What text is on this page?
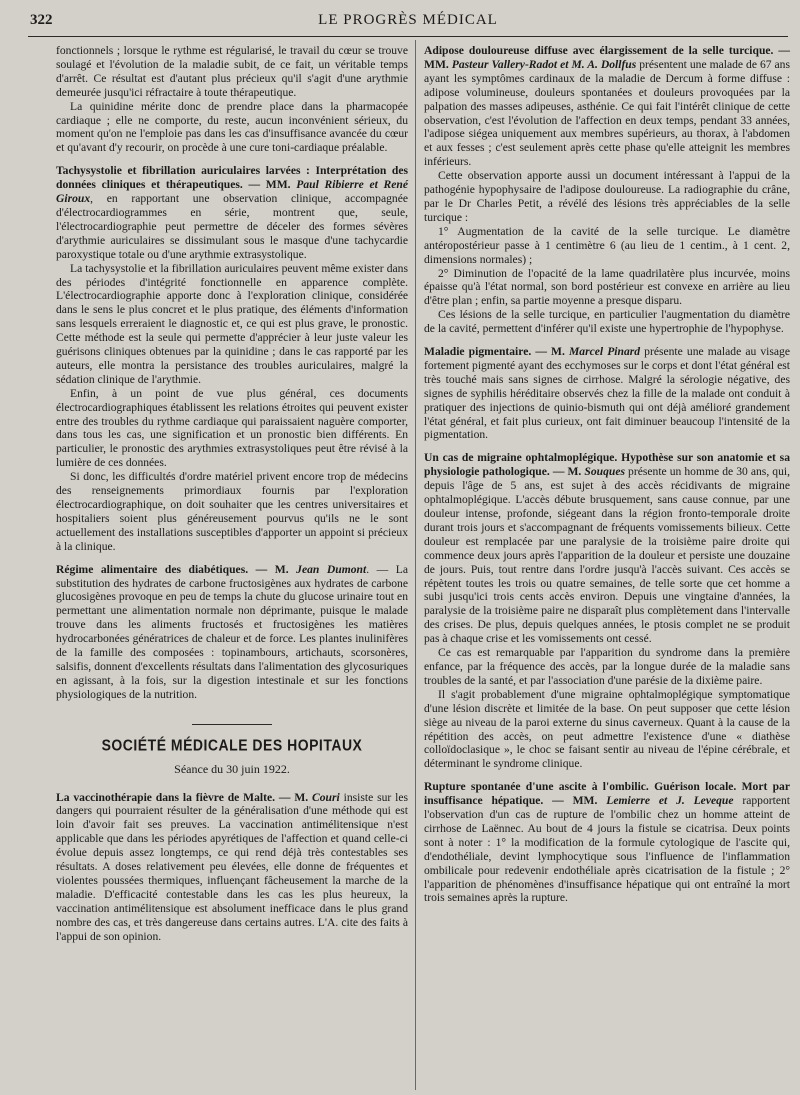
322	LE PROGRÈS MÉDICAL

fonctionnels ; lorsque le rythme est régularisé, le travail du cœur se trouve soulagé et l'évolution de la maladie subit, de ce fait, un véritable temps d'arrêt. Ce résultat est d'autant plus précieux qu'il s'agit d'une arythmie demeurée jusqu'ici réfractaire à toute thérapeutique.

La quinidine mérite donc de prendre place dans la pharmacopée cardiaque ; elle ne comporte, du reste, aucun inconvénient sérieux, du moment qu'on ne l'emploie pas dans les cas d'insuffisance avancée du cœur et qu'avant d'y recourir, on procède à une cure toni-cardiaque préalable.

Tachysystolie et fibrillation auriculaires larvées : Interprétation des données cliniques et thérapeutiques. — MM. Paul Ribierre et René Giroux, en rapportant une observation clinique, accompagnée d'électrocardiogrammes en série, montrent que, seule, l'électrocardiographie peut permettre de déceler des formes sévères d'arythmie auriculaires se dissimulant sous le masque d'une tachycardie paroxystique totale ou d'une arythmie extrasystolique.

La tachysystolie et la fibrillation auriculaires peuvent même exister dans des périodes d'intégrité fonctionnelle en apparence complète. L'électrocardiographie apporte donc à l'exploration clinique, considérée dans le sens le plus concret et le plus pratique, des éléments d'information sans lesquels erreraient le diagnostic et, ce qui est plus grave, le pronostic. Cette méthode est la seule qui permette d'apprécier à leur juste valeur les guérisons cliniques obtenues par la quinidine ; dans le cas rapporté par les auteurs, elle montra la persistance des troubles auriculaires, malgré la sédation clinique de l'arythmie.

Enfin, à un point de vue plus général, ces documents électrocardiographiques établissent les relations étroites qui peuvent exister entre des troubles du rythme cardiaque qui paraissaient naguère comporter, dans tous les cas, une signification et un pronostic bien différents. En particulier, le pronostic des arythmies extrasystoliques peut être révisé à la lumière de ces données.

Si donc, les difficultés d'ordre matériel privent encore trop de médecins des renseignements primordiaux fournis par l'exploration électrocardiographique, on doit souhaiter que les centres universitaires et hospitaliers soient plus généreusement pourvus qu'ils ne le sont actuellement des installations susceptibles d'apporter un appoint si précieux à la clinique.

Régime alimentaire des diabétiques. — M. Jean Dumont. — La substitution des hydrates de carbone fructosigènes aux hydrates de carbone glucosigènes provoque en peu de temps la chute du glucose urinaire tout en permettant une alimentation normale non déprimante, puisque le malade trouve dans les aliments fructosés et fructosigènes les matières hydrocarbonées génératrices de chaleur et de force. Les plantes inulinifères de la famille des composées : topinambours, artichauts, scorsonères, salsifis, donnent d'excellents résultats dans l'alimentation des glycosuriques en agissant, à la fois, sur la digestion intestinale et sur les fonctions physiologiques de la nutrition.

SOCIÉTÉ MÉDICALE DES HOPITAUX
Séance du 30 juin 1922.

La vaccinothérapie dans la fièvre de Malte. — M. Couri insiste sur les dangers qui pourraient résulter de la généralisation d'une méthode qui est loin d'avoir fait ses preuves. La vaccination antimélitensique n'est applicable que dans les périodes apyrétiques de l'affection et quand celle-ci évolue depuis assez longtemps, ce qui rend déjà très contestables ses résultats. A doses relativement peu élevées, elle donne de fréquentes et violentes poussées thermiques, influençant fâcheusement la marche de la maladie. D'efficacité contestable dans les cas les plus heureux, la vaccination antimélitensique est absolument inefficace dans le plus grand nombre des cas, et très dangereuse dans certains autres. L'A. cite des faits à l'appui de son opinion.

Adipose douloureuse diffuse avec élargissement de la selle turcique. — MM. Pasteur Vallery-Radot et M. A. Dollfus présentent une malade de 67 ans ayant les symptômes cardinaux de la maladie de Dercum à forme diffuse : adipose volumineuse, douleurs spontanées et douleurs provoquées par la palpation des masses adipeuses, asthénie. Ce qui fait l'intérêt clinique de cette observation, c'est l'évolution de l'affection en deux temps, pendant 33 années, l'adipose siégea uniquement aux membres supérieurs, au thorax, à l'abdomen et aux fesses ; c'est seulement après cette phase qu'elle atteignit les membres inférieurs.

Cette observation apporte aussi un document intéressant à l'appui de la pathogénie hypophysaire de l'adipose douloureuse. La radiographie du crâne, par le Dr Charles Petit, a révélé des lésions très appréciables de la selle turcique :

1° Augmentation de la cavité de la selle turcique. Le diamètre antéropostérieur passe à 1 centimètre 6 (au lieu de 1 centim., à 1 cent. 2, dimensions normales) ;

2° Diminution de l'opacité de la lame quadrilatère plus incurvée, moins épaisse qu'à l'état normal, son bord postérieur est convexe en arrière au lieu d'être plan ; enfin, sa partie moyenne a presque disparu.

Ces lésions de la selle turcique, en particulier l'augmentation du diamètre de la cavité, permettent d'inférer qu'il existe une hypertrophie de l'hypophyse.

Maladie pigmentaire. — M. Marcel Pinard présente une malade au visage fortement pigmenté ayant des ecchymoses sur le corps et dont l'état général est très touché mais sans signes de cirrhose. Malgré la sérologie négative, des signes de syphilis héréditaire observés chez la fille de la malade ont conduit à pratiquer des injections de quinio-bismuth qui ont déjà amélioré grandement l'état général, et fait plus curieux, ont fait diminuer beaucoup l'intensité de la pigmentation.

Un cas de migraine ophtalmoplégique. Hypothèse sur son anatomie et sa physiologie pathologique. — M. Souques présente un homme de 30 ans, qui, depuis l'âge de 5 ans, est sujet à des accès récidivants de migraine ophtalmoplégique. L'accès débute brusquement, sans cause connue, par une douleur intense, profonde, siégeant dans la région fronto-temporale droite durant trois jours et s'accompagnant de fréquents vomissements bilieux. Cette douleur est remplacée par une paralysie de la troisième paire droite qui commence deux jours après l'apparition de la douleur et persiste une douzaine de jours. Puis, tout rentre dans l'ordre jusqu'à l'accès suivant. Ces accès se répètent toutes les trois ou quatre semaines, de telle sorte que cet homme a subi jusqu'ici trois cents accès environ. Depuis une vingtaine d'années, la paralysie de la troisième paire ne disparaît plus complètement dans l'intervalle des crises. De plus, depuis quelques années, le ptosis complet ne se produit pas à chaque crise et les vomissements ont cessé.

Ce cas est remarquable par l'apparition du syndrome dans la première enfance, par la fréquence des accès, par la longue durée de la maladie sans troubles de la santé, et par l'association d'une parésie de la dixième paire.

Il s'agit probablement d'une migraine ophtalmoplégique symptomatique d'une lésion discrète et limitée de la base. On peut supposer que cette lésion siège au niveau de la paroi externe du sinus caverneux. Quant à la cause de la répétition des accès, on peut admettre l'existence d'une « diathèse colloïdoclasique », le choc se faisant sentir au niveau de l'épine cérébrale, et déterminant le syndrome clinique.

Rupture spontanée d'une ascite à l'ombilic. Guérison locale. Mort par insuffisance hépatique. — MM. Lemierre et J. Leveque rapportent l'observation d'un cas de rupture de l'ombilic chez un homme atteint de cirrhose de Laënnec. Au bout de 4 jours la fistule se cicatrisa. Deux points sont à noter : 1° la modification de la formule cytologique de l'ascite qui, d'endothéliale, devint lymphocytique sous l'influence de l'inflammation ombilicale pour redevenir endothéliale après cicatrisation de la fistule ; 2° l'apparition de phénomènes d'insuffisance hépatique qui ont entraîné la mort trois semaines après la rupture.
